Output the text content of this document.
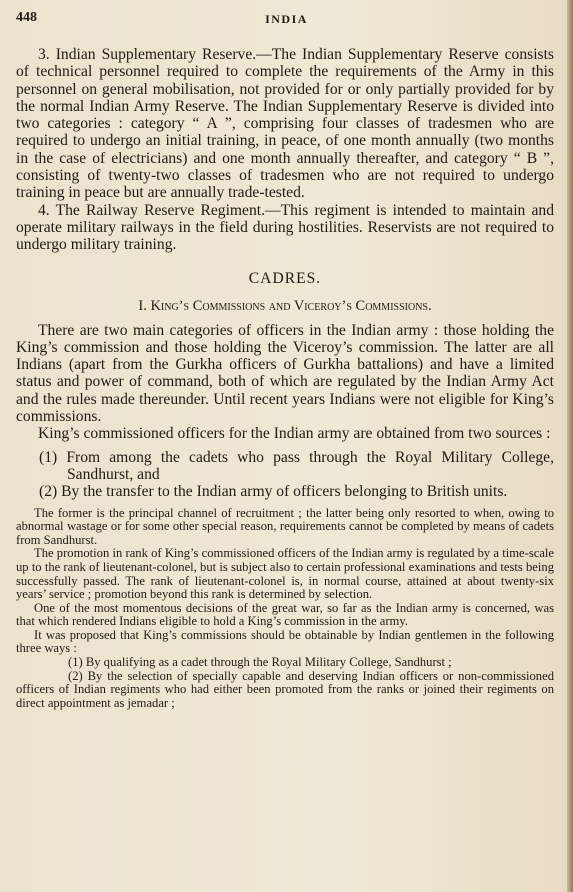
448	INDIA

3. Indian Supplementary Reserve.—The Indian Supplementary Reserve consists of technical personnel required to complete the requirements of the Army in this personnel on general mobilisation, not provided for or only partially provided for by the normal Indian Army Reserve. The Indian Supplementary Reserve is divided into two categories : category “ A ”, comprising four classes of tradesmen who are required to undergo an initial training, in peace, of one month annually (two months in the case of electricians) and one month annually thereafter, and category “ B ”, consisting of twenty-two classes of tradesmen who are not required to undergo training in peace but are annually trade-tested.

4. The Railway Reserve Regiment.—This regiment is intended to maintain and operate military railways in the field during hostilities. Reservists are not required to undergo military training.

CADRES.
I. King’s Commissions and Viceroy’s Commissions.

There are two main categories of officers in the Indian army : those holding the King’s commission and those holding the Viceroy’s commission. The latter are all Indians (apart from the Gurkha officers of Gurkha battalions) and have a limited status and power of command, both of which are regulated by the Indian Army Act and the rules made thereunder. Until recent years Indians were not eligible for King’s commissions.

King’s commissioned officers for the Indian army are obtained from two sources :

(1) From among the cadets who pass through the Royal Military College, Sandhurst, and

(2) By the transfer to the Indian army of officers belonging to British units.

The former is the principal channel of recruitment ; the latter being only resorted to when, owing to abnormal wastage or for some other special reason, requirements cannot be completed by means of cadets from Sandhurst.

The promotion in rank of King’s commissioned officers of the Indian army is regulated by a time-scale up to the rank of lieutenant-colonel, but is subject also to certain professional examinations and tests being successfully passed. The rank of lieutenant-colonel is, in normal course, attained at about twenty-six years’ service ; promotion beyond this rank is determined by selection.

One of the most momentous decisions of the great war, so far as the Indian army is concerned, was that which rendered Indians eligible to hold a King’s commission in the army.

It was proposed that King’s commissions should be obtainable by Indian gentlemen in the following three ways :

(1) By qualifying as a cadet through the Royal Military College, Sandhurst ;

(2) By the selection of specially capable and deserving Indian officers or non-commissioned officers of Indian regiments who had either been promoted from the ranks or joined their regiments on direct appointment as jemadar ;
